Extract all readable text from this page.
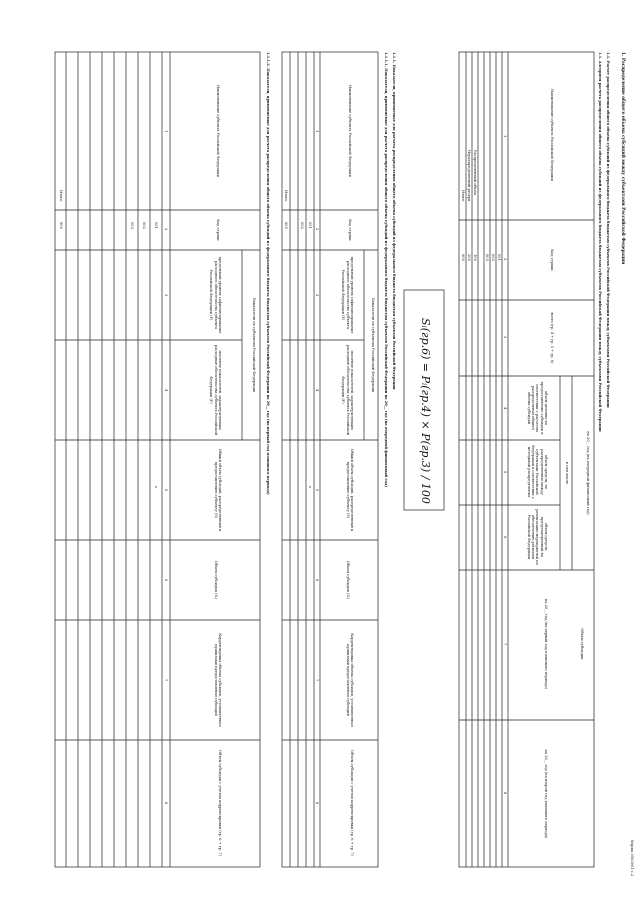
Форма 0503001 с.2
1. Распределение общего объема субсидий между субъектами Российской Федерации
1.1. Расчет распределения общего объема субсидий из федерального бюджета бюджетам субъектов Российской Федерации между субъектами Российской Федерации
1.1. Алгоритм расчета распределения общего объема субсидий из федерального бюджета бюджетам субъектов Российской Федерации между субъектами Российской Федерации
Наименование субъекта Российской Федерации
Код строки
всего (гр. 4 + гр. 5 + гр. 6)
на 20__ год (на очередной финансовый год)
в том числе
объем целевых на предоставление субсидии в соответствии с расчетом распределения общего объема субсидий
объем средств, не распределенных между субъектами Российской Федерации в соответствии с методикой распределения
объем средств, предусмотренный на реализацию мероприятий по обеспечению регионов Российской Федерации
Объем субсидии
на 20__ год (на первый год планового периода)
на 20__ год (на второй год планового периода)
1
2
3
4
5
6
7
8
001
002
003
Распределенный объем
100
Нераспределенный резерв
200
Итого
900
Sᵢ(гр.6) = Pᵢ(гр.4) × P(гр.3) / 100
1.1.1. Показатели, применяемые для расчета распределения общего объема субсидий из федерального бюджета бюджетам субъектов Российской Федерации
1.1.1.1. Показатели, применяемые для расчета распределения общего объема субсидий из федерального бюджета бюджетам субъектов Российской Федерации на 20__ год (на очередной финансовый год)
Наименование субъекта Российской Федерации
Код строки
Показатели по субъектам Российской Федерации
предельный уровень софинансирования расходного обязательства субъекта Российской Федерации (P)
значение показателей, характеризующих расходные обязательства субъекта Российской Федерации (P)
Общий объем субсидий, распределенный к предоставлению субъекту (S)
Объем субсидии (Sᵢ)
Корректировка объема субсидии, установленная правилами предоставления субсидий
Объем субсидии с учетом корректировки (гр. 6 + гр. 7)
1
2
3
4
5
6
7
8
001
002
x
Итого
900
1.1.1.2. Показатели, применяемые для расчета распределения общего объема субсидий из федерального бюджета бюджетам субъектов Российской Федерации на 20__ год (на первый год планового периода)
Наименование субъекта Российской Федерации
Код строки
Показатели по субъектам Российской Федерации
предельный уровень софинансирования расходного обязательства субъекта Российской Федерации (P)
значение показателей, характеризующих расходные обязательства субъекта Российской Федерации (P)
Общий объем субсидий, распределенный к предоставлению субъекту (S)
Объем субсидии (Sᵢ)
Корректировка объема субсидии, установленная правилами предоставления субсидий
Объем субсидии с учетом корректировки (гр. 6 + гр. 7)
1
2
3
4
5
6
7
8
001
002
003
x
Итого
900
